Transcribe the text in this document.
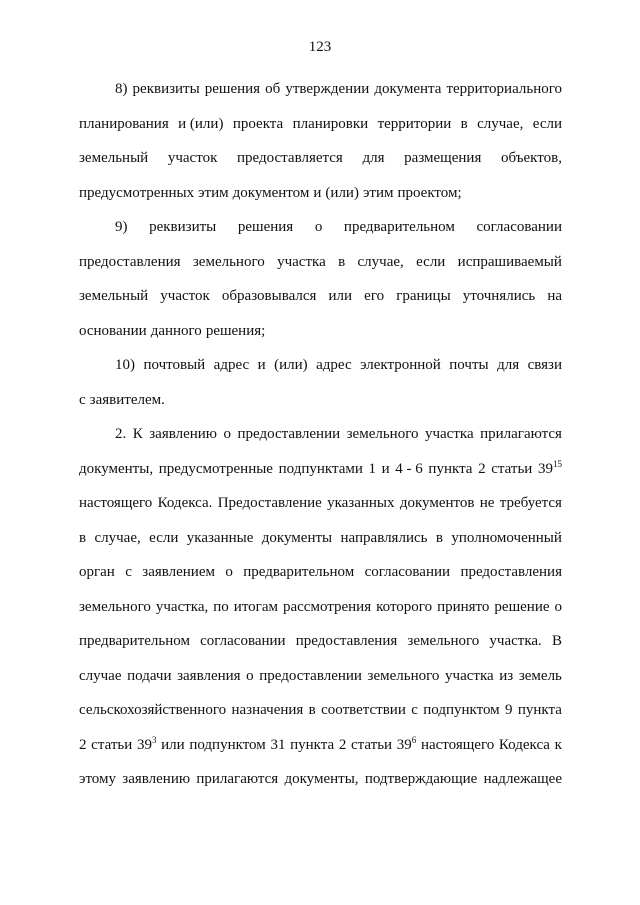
123
8) реквизиты решения об утверждении документа территориального
планирования и (или) проекта планировки территории в случае, если
земельный участок предоставляется для размещения объектов,
предусмотренных этим документом и (или) этим проектом;
9) реквизиты решения о предварительном согласовании
предоставления земельного участка в случае, если испрашиваемый
земельный участок образовывался или его границы уточнялись на
основании данного решения;
10) почтовый адрес и (или) адрес электронной почты для связи
с заявителем.
2. К заявлению о предоставлении земельного участка прилагаются
документы, предусмотренные подпунктами 1 и 4 - 6 пункта 2 статьи $39^{15}$
настоящего Кодекса. Предоставление указанных документов не требуется
в случае, если указанные документы направлялись в уполномоченный
орган с заявлением о предварительном согласовании предоставления
земельного участка, по итогам рассмотрения которого принято решение о
предварительном согласовании предоставления земельного участка. В
случае подачи заявления о предоставлении земельного участка из земель
сельскохозяйственного назначения в соответствии с подпунктом 9 пункта
2 статьи $39^3$ или подпунктом 31 пункта 2 статьи $39^6$ настоящего Кодекса к
этому заявлению прилагаются документы, подтверждающие надлежащее
